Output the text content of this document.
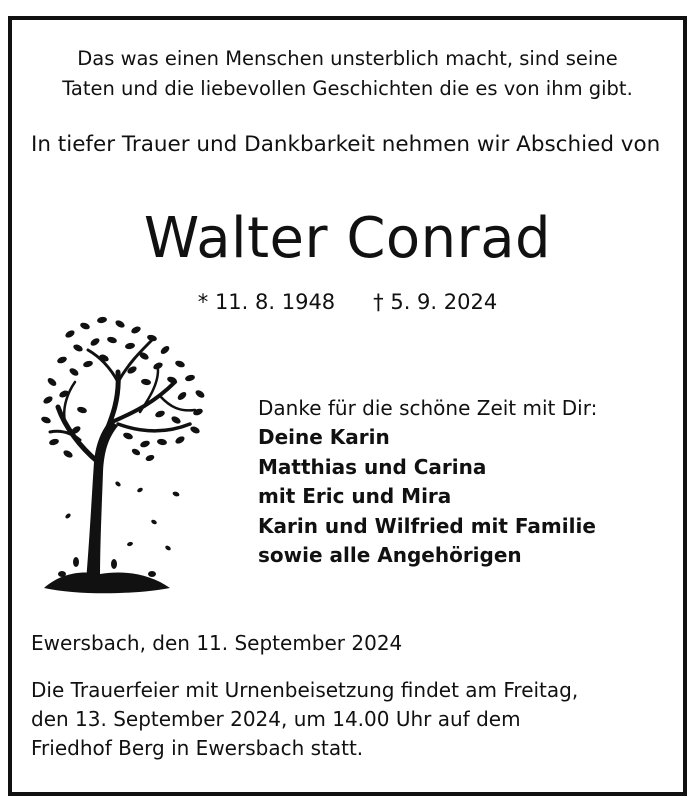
Das was einen Menschen unsterblich macht, sind seine
Taten und die liebevollen Geschichten die es von ihm gibt.
In tiefer Trauer und Dankbarkeit nehmen wir Abschied von
Walter Conrad
* 11. 8. 1948 † 5. 9. 2024
Danke für die schöne Zeit mit Dir:
Deine Karin
Matthias und Carina
mit Eric und Mira
Karin und Wilfried mit Familie
sowie alle Angehörigen
Ewersbach, den 11. September 2024
Die Trauerfeier mit Urnenbeisetzung findet am Freitag,
den 13. September 2024, um 14.00 Uhr auf dem
Friedhof Berg in Ewersbach statt.
